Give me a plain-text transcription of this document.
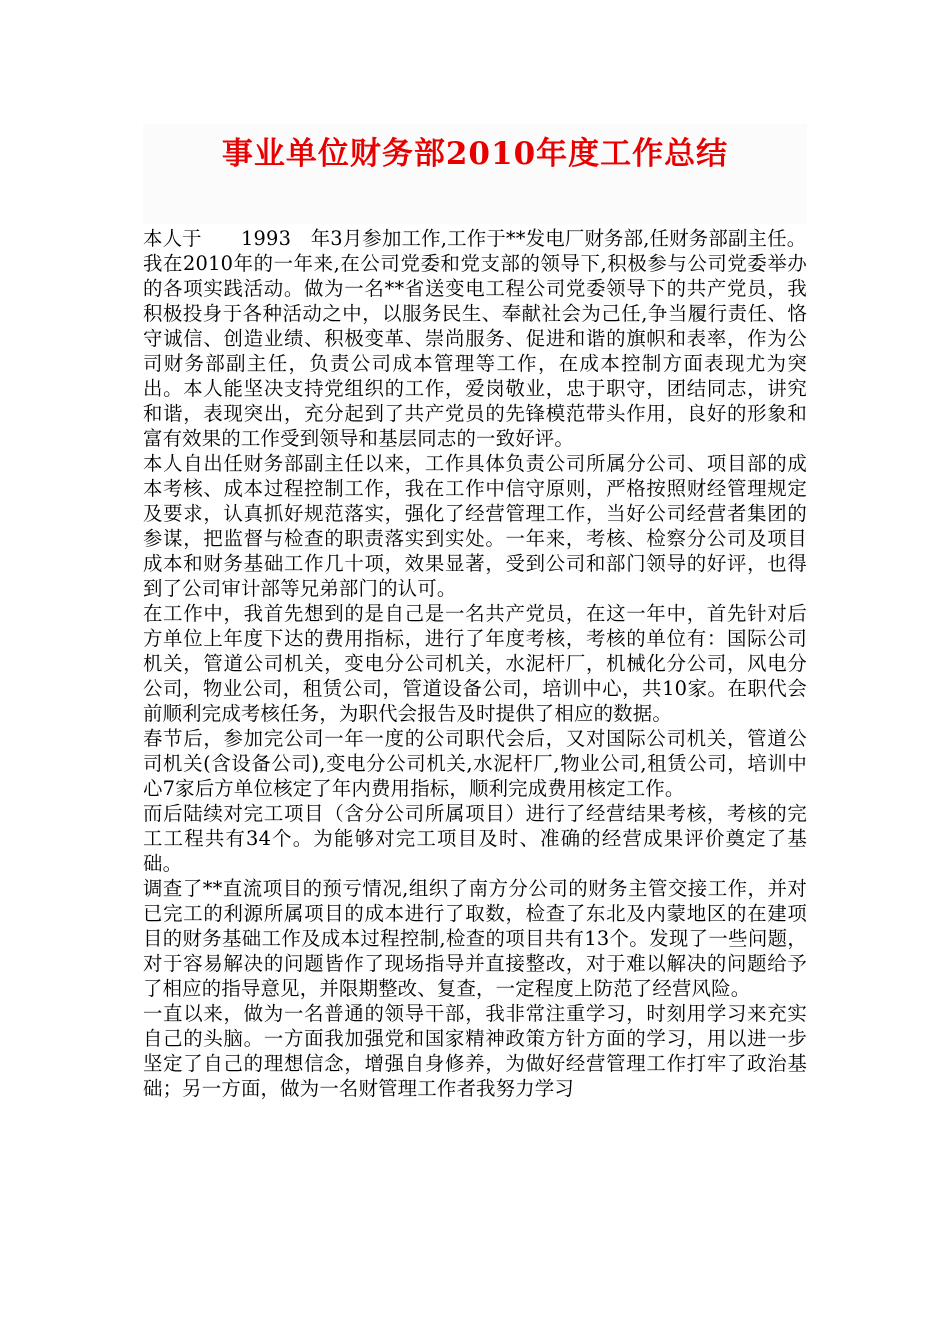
事业单位财务部2010年度工作总结

本人于　　1993　年3月参加工作,工作于**发电厂财务部,任财务部副主任。

我在2010年的一年来,在公司党委和党支部的领导下,积极参与公司党委举办的各项实践活动。做为一名**省送变电工程公司党委领导下的共产党员，我积极投身于各种活动之中，以服务民生、奉献社会为己任,争当履行责任、恪守诚信、创造业绩、积极变革、崇尚服务、促进和谐的旗帜和表率，作为公司财务部副主任，负责公司成本管理等工作，在成本控制方面表现尤为突出。本人能坚决支持党组织的工作，爱岗敬业，忠于职守，团结同志，讲究和谐，表现突出，充分起到了共产党员的先锋模范带头作用，良好的形象和富有效果的工作受到领导和基层同志的一致好评。

本人自出任财务部副主任以来，工作具体负责公司所属分公司、项目部的成本考核、成本过程控制工作，我在工作中信守原则，严格按照财经管理规定及要求，认真抓好规范落实，强化了经营管理工作，当好公司经营者集团的参谋，把监督与检查的职责落实到实处。一年来，考核、检察分公司及项目成本和财务基础工作几十项，效果显著，受到公司和部门领导的好评，也得到了公司审计部等兄弟部门的认可。

在工作中，我首先想到的是自己是一名共产党员，在这一年中，首先针对后方单位上年度下达的费用指标，进行了年度考核，考核的单位有：国际公司机关，管道公司机关，变电分公司机关，水泥杆厂，机械化分公司，风电分公司，物业公司，租赁公司，管道设备公司，培训中心，共10家。在职代会前顺利完成考核任务，为职代会报告及时提供了相应的数据。

春节后，参加完公司一年一度的公司职代会后，又对国际公司机关，管道公司机关(含设备公司),变电分公司机关,水泥杆厂,物业公司,租赁公司，培训中心7家后方单位核定了年内费用指标，顺利完成费用核定工作。

而后陆续对完工项目（含分公司所属项目）进行了经营结果考核，考核的完工工程共有34个。为能够对完工项目及时、准确的经营成果评价奠定了基础。

调查了**直流项目的预亏情况,组织了南方分公司的财务主管交接工作，并对已完工的利源所属项目的成本进行了取数，检查了东北及内蒙地区的在建项目的财务基础工作及成本过程控制,检查的项目共有13个。发现了一些问题，对于容易解决的问题皆作了现场指导并直接整改，对于难以解决的问题给予了相应的指导意见，并限期整改、复查，一定程度上防范了经营风险。

一直以来，做为一名普通的领导干部，我非常注重学习，时刻用学习来充实自己的头脑。一方面我加强党和国家精神政策方针方面的学习，用以进一步坚定了自己的理想信念，增强自身修养，为做好经营管理工作打牢了政治基础；另一方面，做为一名财管理工作者我努力学习
